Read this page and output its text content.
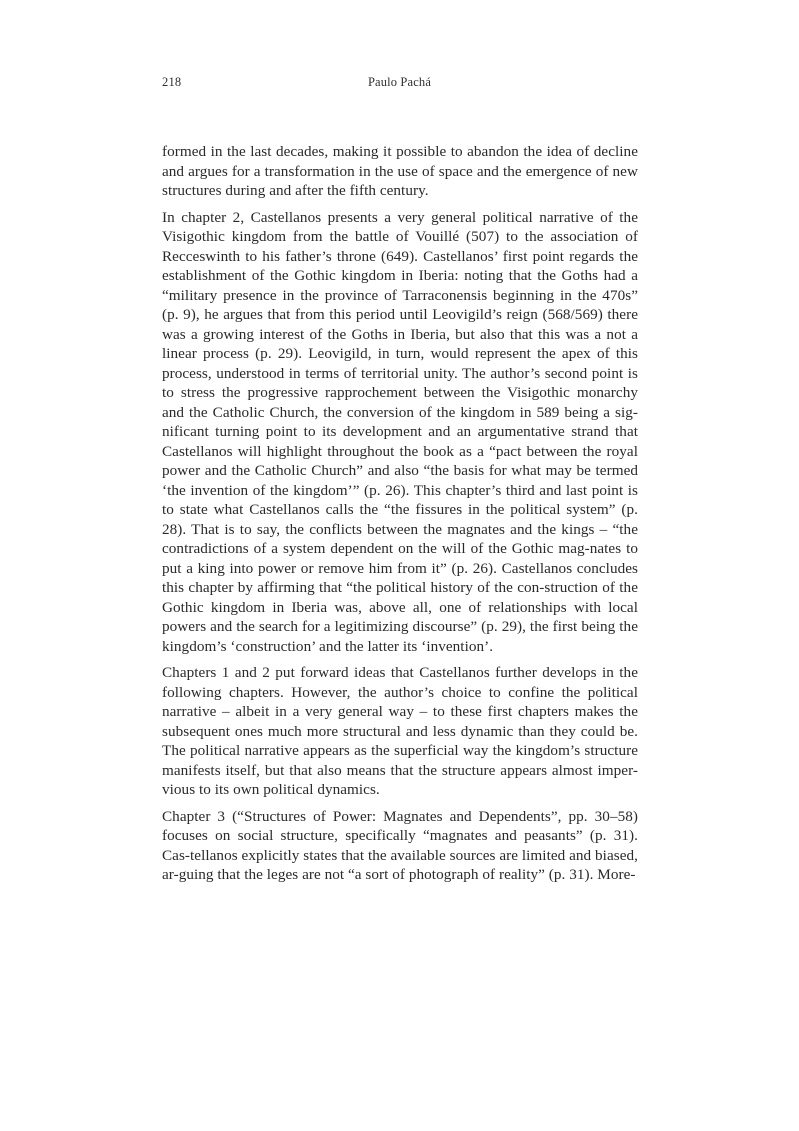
218	Paulo Pachá

formed in the last decades, making it possible to abandon the idea of decline and argues for a transformation in the use of space and the emergence of new structures during and after the fifth century.

In chapter 2, Castellanos presents a very general political narrative of the Visigothic kingdom from the battle of Vouillé (507) to the association of Recceswinth to his father’s throne (649). Castellanos’ first point regards the establishment of the Gothic kingdom in Iberia: noting that the Goths had a “military presence in the province of Tarraconensis beginning in the 470s” (p. 9), he argues that from this period until Leovigild’s reign (568/569) there was a growing interest of the Goths in Iberia, but also that this was a not a linear process (p. 29). Leovigild, in turn, would represent the apex of this process, understood in terms of territorial unity. The author’s second point is to stress the progressive rapprochement between the Visigothic monarchy and the Catholic Church, the conversion of the kingdom in 589 being a sig-nificant turning point to its development and an argumentative strand that Castellanos will highlight throughout the book as a “pact between the royal power and the Catholic Church” and also “the basis for what may be termed ‘the invention of the kingdom’” (p. 26). This chapter’s third and last point is to state what Castellanos calls the “the fissures in the political system” (p. 28). That is to say, the conflicts between the magnates and the kings – “the contradictions of a system dependent on the will of the Gothic mag-nates to put a king into power or remove him from it” (p. 26). Castellanos concludes this chapter by affirming that “the political history of the con-struction of the Gothic kingdom in Iberia was, above all, one of relationships with local powers and the search for a legitimizing discourse” (p. 29), the first being the kingdom’s ‘construction’ and the latter its ‘invention’.

Chapters 1 and 2 put forward ideas that Castellanos further develops in the following chapters. However, the author’s choice to confine the political narrative – albeit in a very general way – to these first chapters makes the subsequent ones much more structural and less dynamic than they could be. The political narrative appears as the superficial way the kingdom’s structure manifests itself, but that also means that the structure appears almost imper-vious to its own political dynamics.

Chapter 3 (“Structures of Power: Magnates and Dependents”, pp. 30–58) focuses on social structure, specifically “magnates and peasants” (p. 31). Cas-tellanos explicitly states that the available sources are limited and biased, ar-guing that the leges are not “a sort of photograph of reality” (p. 31). More-
